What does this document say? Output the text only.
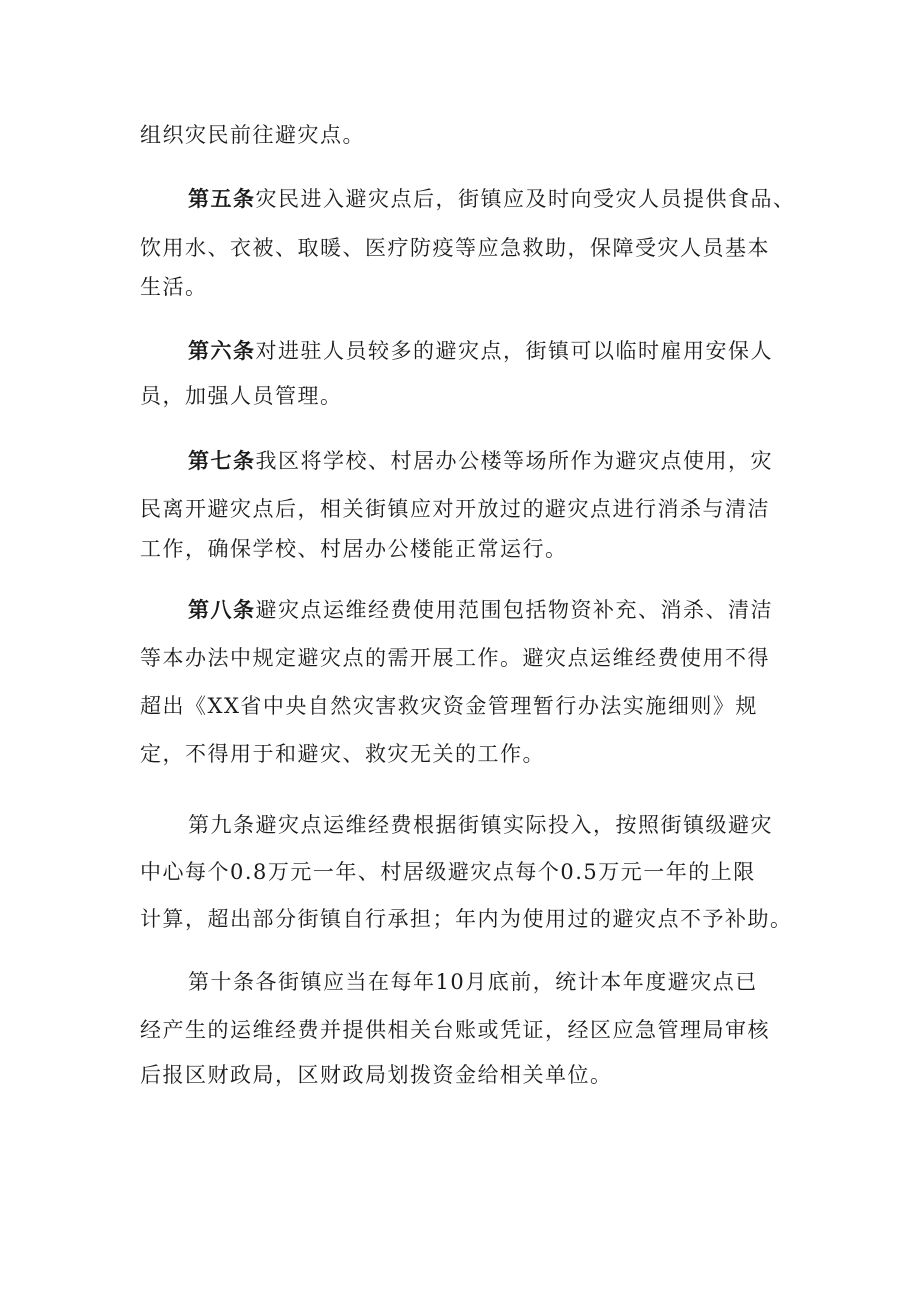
组织灾民前往避灾点。
第五条灾民进入避灾点后，街镇应及时向受灾人员提供食品、
饮用水、衣被、取暖、医疗防疫等应急救助，保障受灾人员基本
生活。
第六条对进驻人员较多的避灾点，街镇可以临时雇用安保人
员，加强人员管理。
第七条我区将学校、村居办公楼等场所作为避灾点使用，灾
民离开避灾点后，相关街镇应对开放过的避灾点进行消杀与清洁
工作，确保学校、村居办公楼能正常运行。
第八条避灾点运维经费使用范围包括物资补充、消杀、清洁
等本办法中规定避灾点的需开展工作。避灾点运维经费使用不得
超出《XX省中央自然灾害救灾资金管理暂行办法实施细则》规
定，不得用于和避灾、救灾无关的工作。
第九条避灾点运维经费根据街镇实际投入，按照街镇级避灾
中心每个0.8万元一年、村居级避灾点每个0.5万元一年的上限
计算，超出部分街镇自行承担；年内为使用过的避灾点不予补助。
第十条各街镇应当在每年10月底前，统计本年度避灾点已
经产生的运维经费并提供相关台账或凭证，经区应急管理局审核
后报区财政局，区财政局划拨资金给相关单位。
